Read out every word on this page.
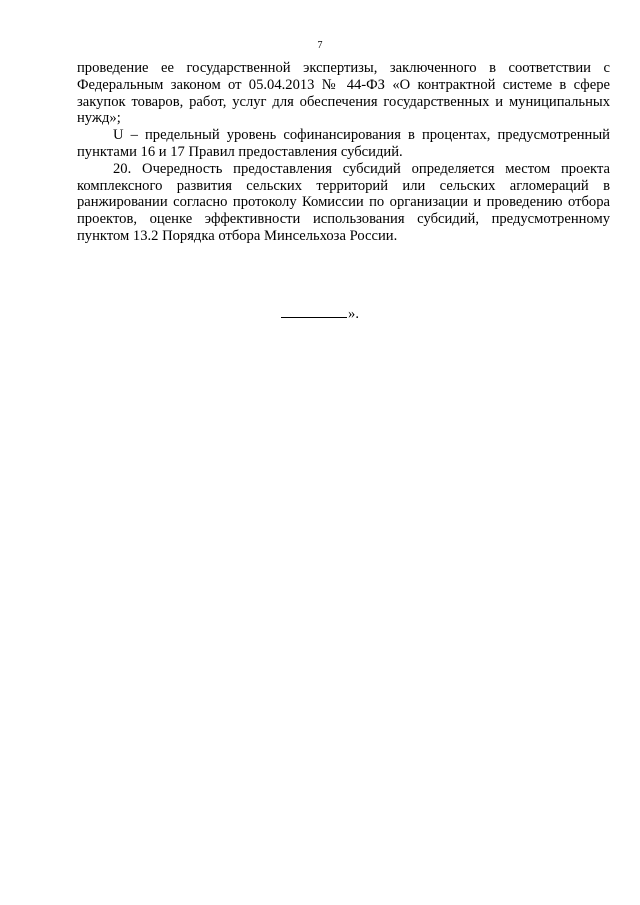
7

проведение ее государственной экспертизы, заключенного в соответствии с Федеральным законом от 05.04.2013 № 44-ФЗ «О контрактной системе в сфере закупок товаров, работ, услуг для обеспечения государственных и муниципальных нужд»;

U – предельный уровень софинансирования в процентах, предусмотренный пунктами 16 и 17 Правил предоставления субсидий.

20. Очередность предоставления субсидий определяется местом проекта комплексного развития сельских территорий или сельских агломераций в ранжировании согласно протоколу Комиссии по организации и проведению отбора проектов, оценке эффективности использования субсидий, предусмотренному пунктом 13.2 Порядка отбора Минсельхоза России.

».
